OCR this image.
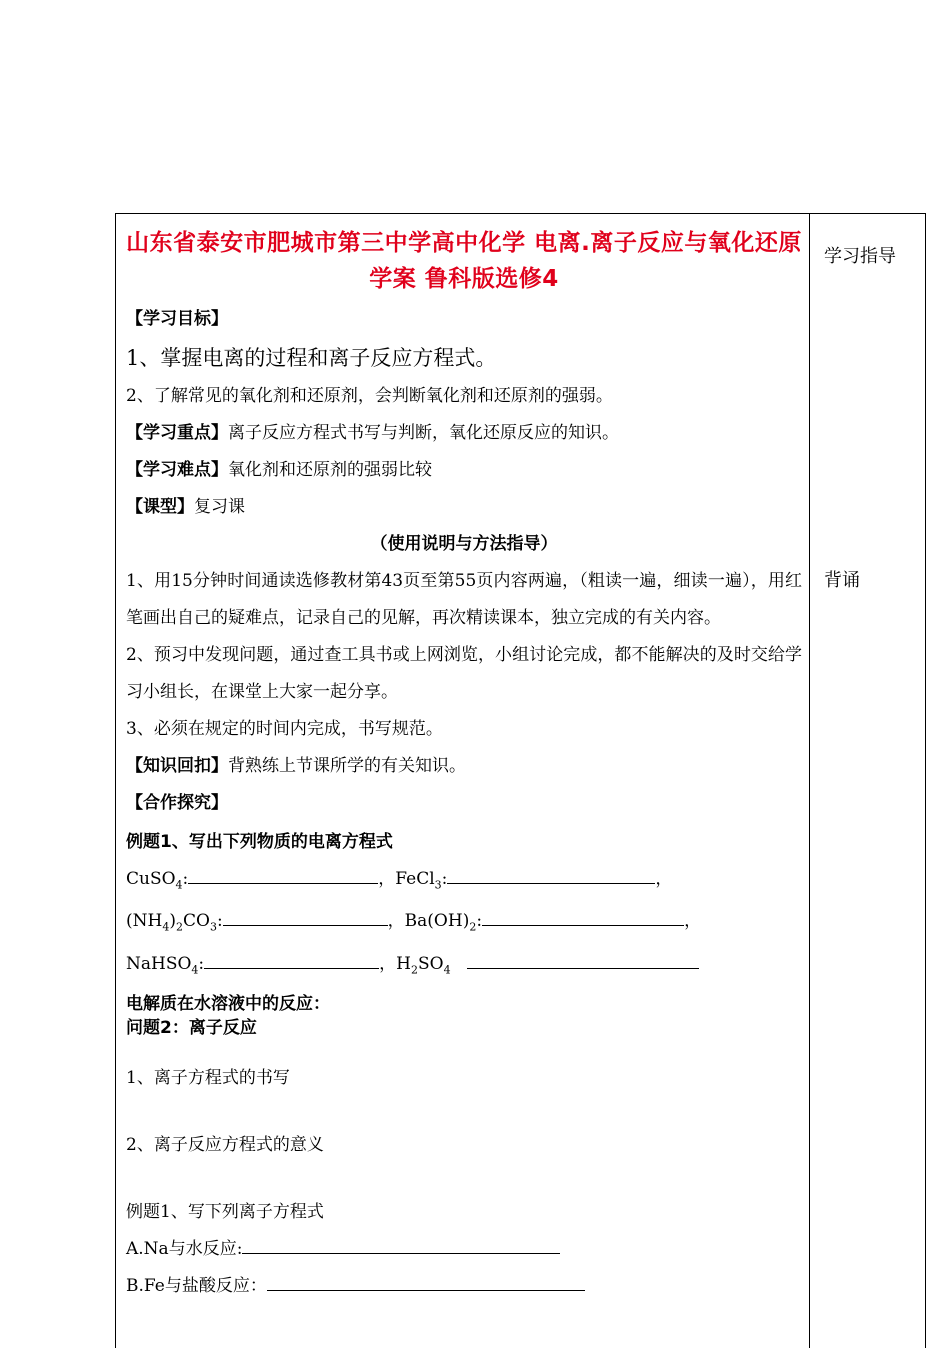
学习指导
背诵
山东省泰安市肥城市第三中学高中化学 电离.离子反应与氧化还原学案 鲁科版选修4
【学习目标】
1、掌握电离的过程和离子反应方程式。
2、了解常见的氧化剂和还原剂，会判断氧化剂和还原剂的强弱。
【学习重点】离子反应方程式书写与判断，氧化还原反应的知识。
【学习难点】氧化剂和还原剂的强弱比较
【课型】复习课
（使用说明与方法指导）
1、用15分钟时间通读选修教材第43页至第55页内容两遍，（粗读一遍，细读一遍），用红笔画出自己的疑难点，记录自己的见解，再次精读课本，独立完成的有关内容。
2、预习中发现问题，通过查工具书或上网浏览，小组讨论完成，都不能解决的及时交给学习小组长，在课堂上大家一起分享。
3、必须在规定的时间内完成，书写规范。
【知识回扣】背熟练上节课所学的有关知识。
【合作探究】
例题1、写出下列物质的电离方程式
CuSO$_4$:	，FeCl$_3$:	，
$(NH_4)_2CO_3$:	，$Ba(OH)_2$:	，
NaHSO$_4$:	，$H_2SO_4$
电解质在水溶液中的反应：
问题2：离子反应
1、离子方程式的书写
2、离子反应方程式的意义
例题1、写下列离子方程式
A.Na与水反应:
B.Fe与盐酸反应：
